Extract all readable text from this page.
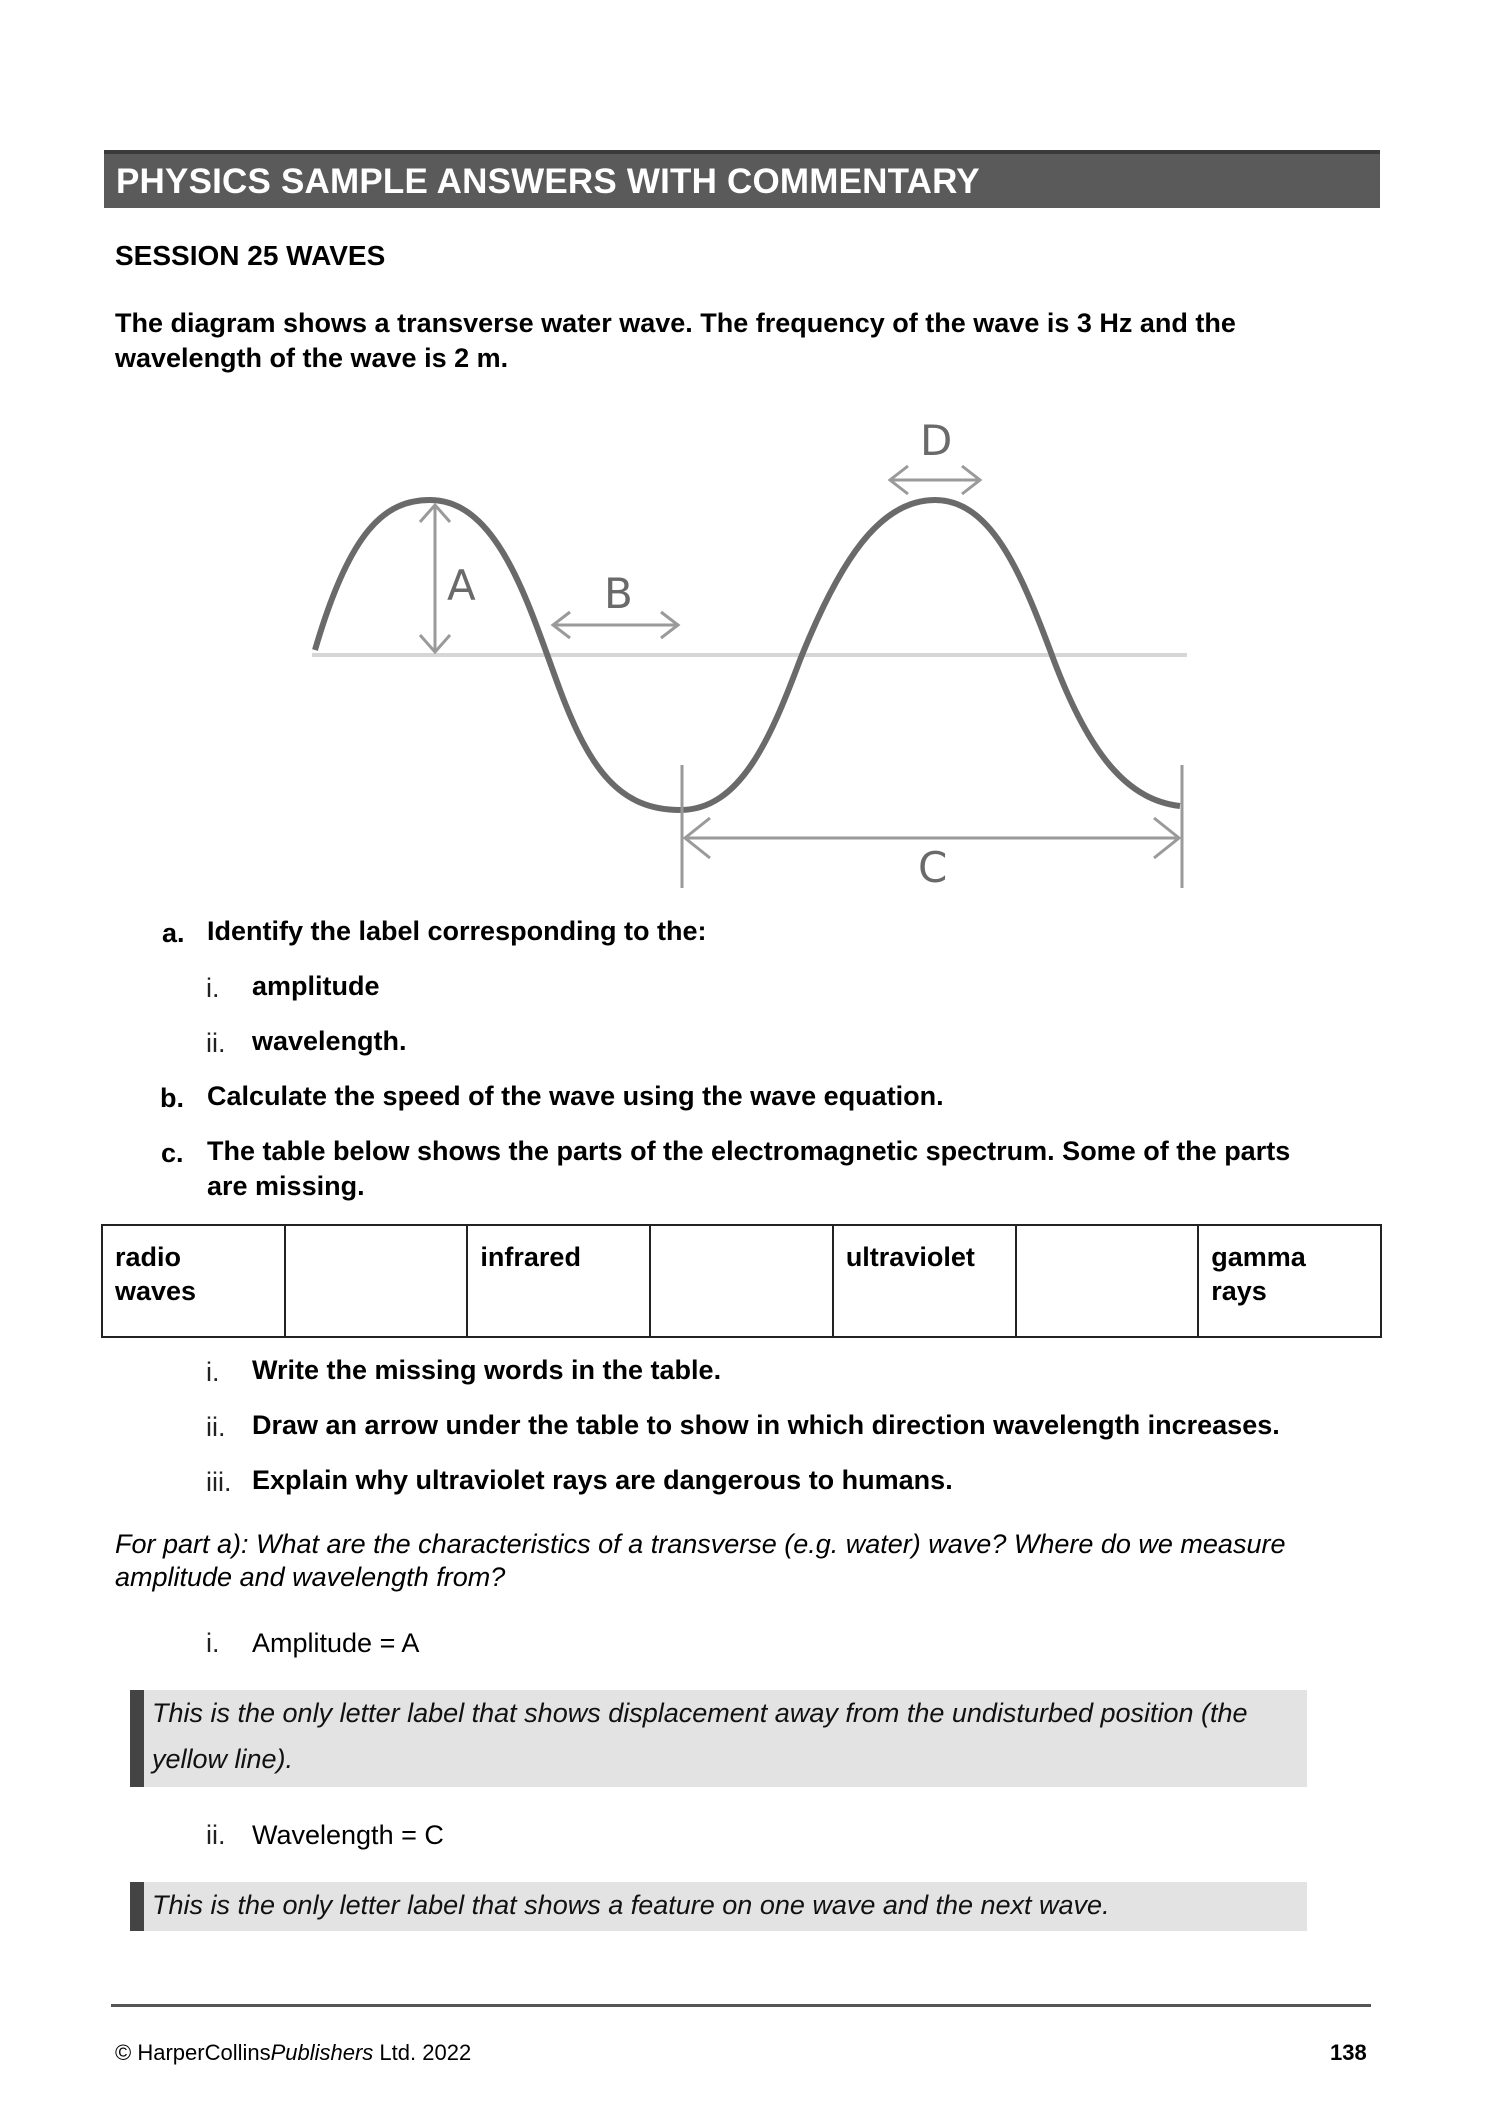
PHYSICS SAMPLE ANSWERS WITH COMMENTARY
SESSION 25 WAVES
The diagram shows a transverse water wave. The frequency of the wave is 3 Hz and the
wavelength of the wave is 2 m.
A	B
C
D
a. Identify the label corresponding to the:
i. amplitude
ii. wavelength.
b. Calculate the speed of the wave using the wave equation.
c. The table below shows the parts of the electromagnetic spectrum. Some of the parts
are missing.
radio
waves		infrared		ultraviolet		gamma
rays
i. Write the missing words in the table.
ii. Draw an arrow under the table to show in which direction wavelength increases.
iii. Explain why ultraviolet rays are dangerous to humans.
For part a): What are the characteristics of a transverse (e.g. water) wave? Where do we measure
amplitude and wavelength from?
i. Amplitude = A
This is the only letter label that shows displacement away from the undisturbed position (the
yellow line).
ii. Wavelength = C
This is the only letter label that shows a feature on one wave and the next wave.
© HarperCollinsPublishers Ltd. 2022	138
